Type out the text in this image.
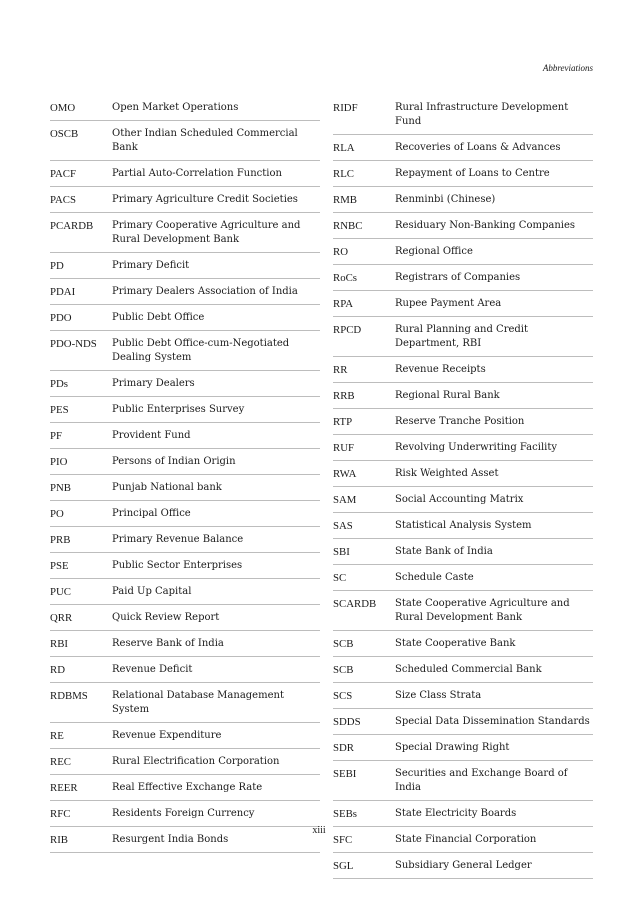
Abbreviations
OMO	Open Market Operations
OSCB	Other Indian Scheduled Commercial Bank
PACF	Partial Auto-Correlation Function
PACS	Primary Agriculture Credit Societies
PCARDB	Primary Cooperative Agriculture and Rural Development Bank
PD	Primary Deficit
PDAI	Primary Dealers Association of India
PDO	Public Debt Office
PDO-NDS	Public Debt Office-cum-Negotiated Dealing System
PDs	Primary Dealers
PES	Public Enterprises Survey
PF	Provident Fund
PIO	Persons of Indian Origin
PNB	Punjab National bank
PO	Principal Office
PRB	Primary Revenue Balance
PSE	Public Sector Enterprises
PUC	Paid Up Capital
QRR	Quick Review Report
RBI	Reserve Bank of India
RD	Revenue Deficit
RDBMS	Relational Database Management System
RE	Revenue Expenditure
REC	Rural Electrification Corporation
REER	Real Effective Exchange Rate
RFC	Residents Foreign Currency
RIB	Resurgent India Bonds
RIDF	Rural Infrastructure Development Fund
RLA	Recoveries of Loans & Advances
RLC	Repayment of Loans to Centre
RMB	Renminbi (Chinese)
RNBC	Residuary Non-Banking Companies
RO	Regional Office
RoCs	Registrars of Companies
RPA	Rupee Payment Area
RPCD	Rural Planning and Credit Department, RBI
RR	Revenue Receipts
RRB	Regional Rural Bank
RTP	Reserve Tranche Position
RUF	Revolving Underwriting Facility
RWA	Risk Weighted Asset
SAM	Social Accounting Matrix
SAS	Statistical Analysis System
SBI	State Bank of India
SC	Schedule Caste
SCARDB	State Cooperative Agriculture and Rural Development Bank
SCB	State Cooperative Bank
SCB	Scheduled Commercial Bank
SCS	Size Class Strata
SDDS	Special Data Dissemination Standards
SDR	Special Drawing Right
SEBI	Securities and Exchange Board of India
SEBs	State Electricity Boards
SFC	State Financial Corporation
SGL	Subsidiary General Ledger
xiii
